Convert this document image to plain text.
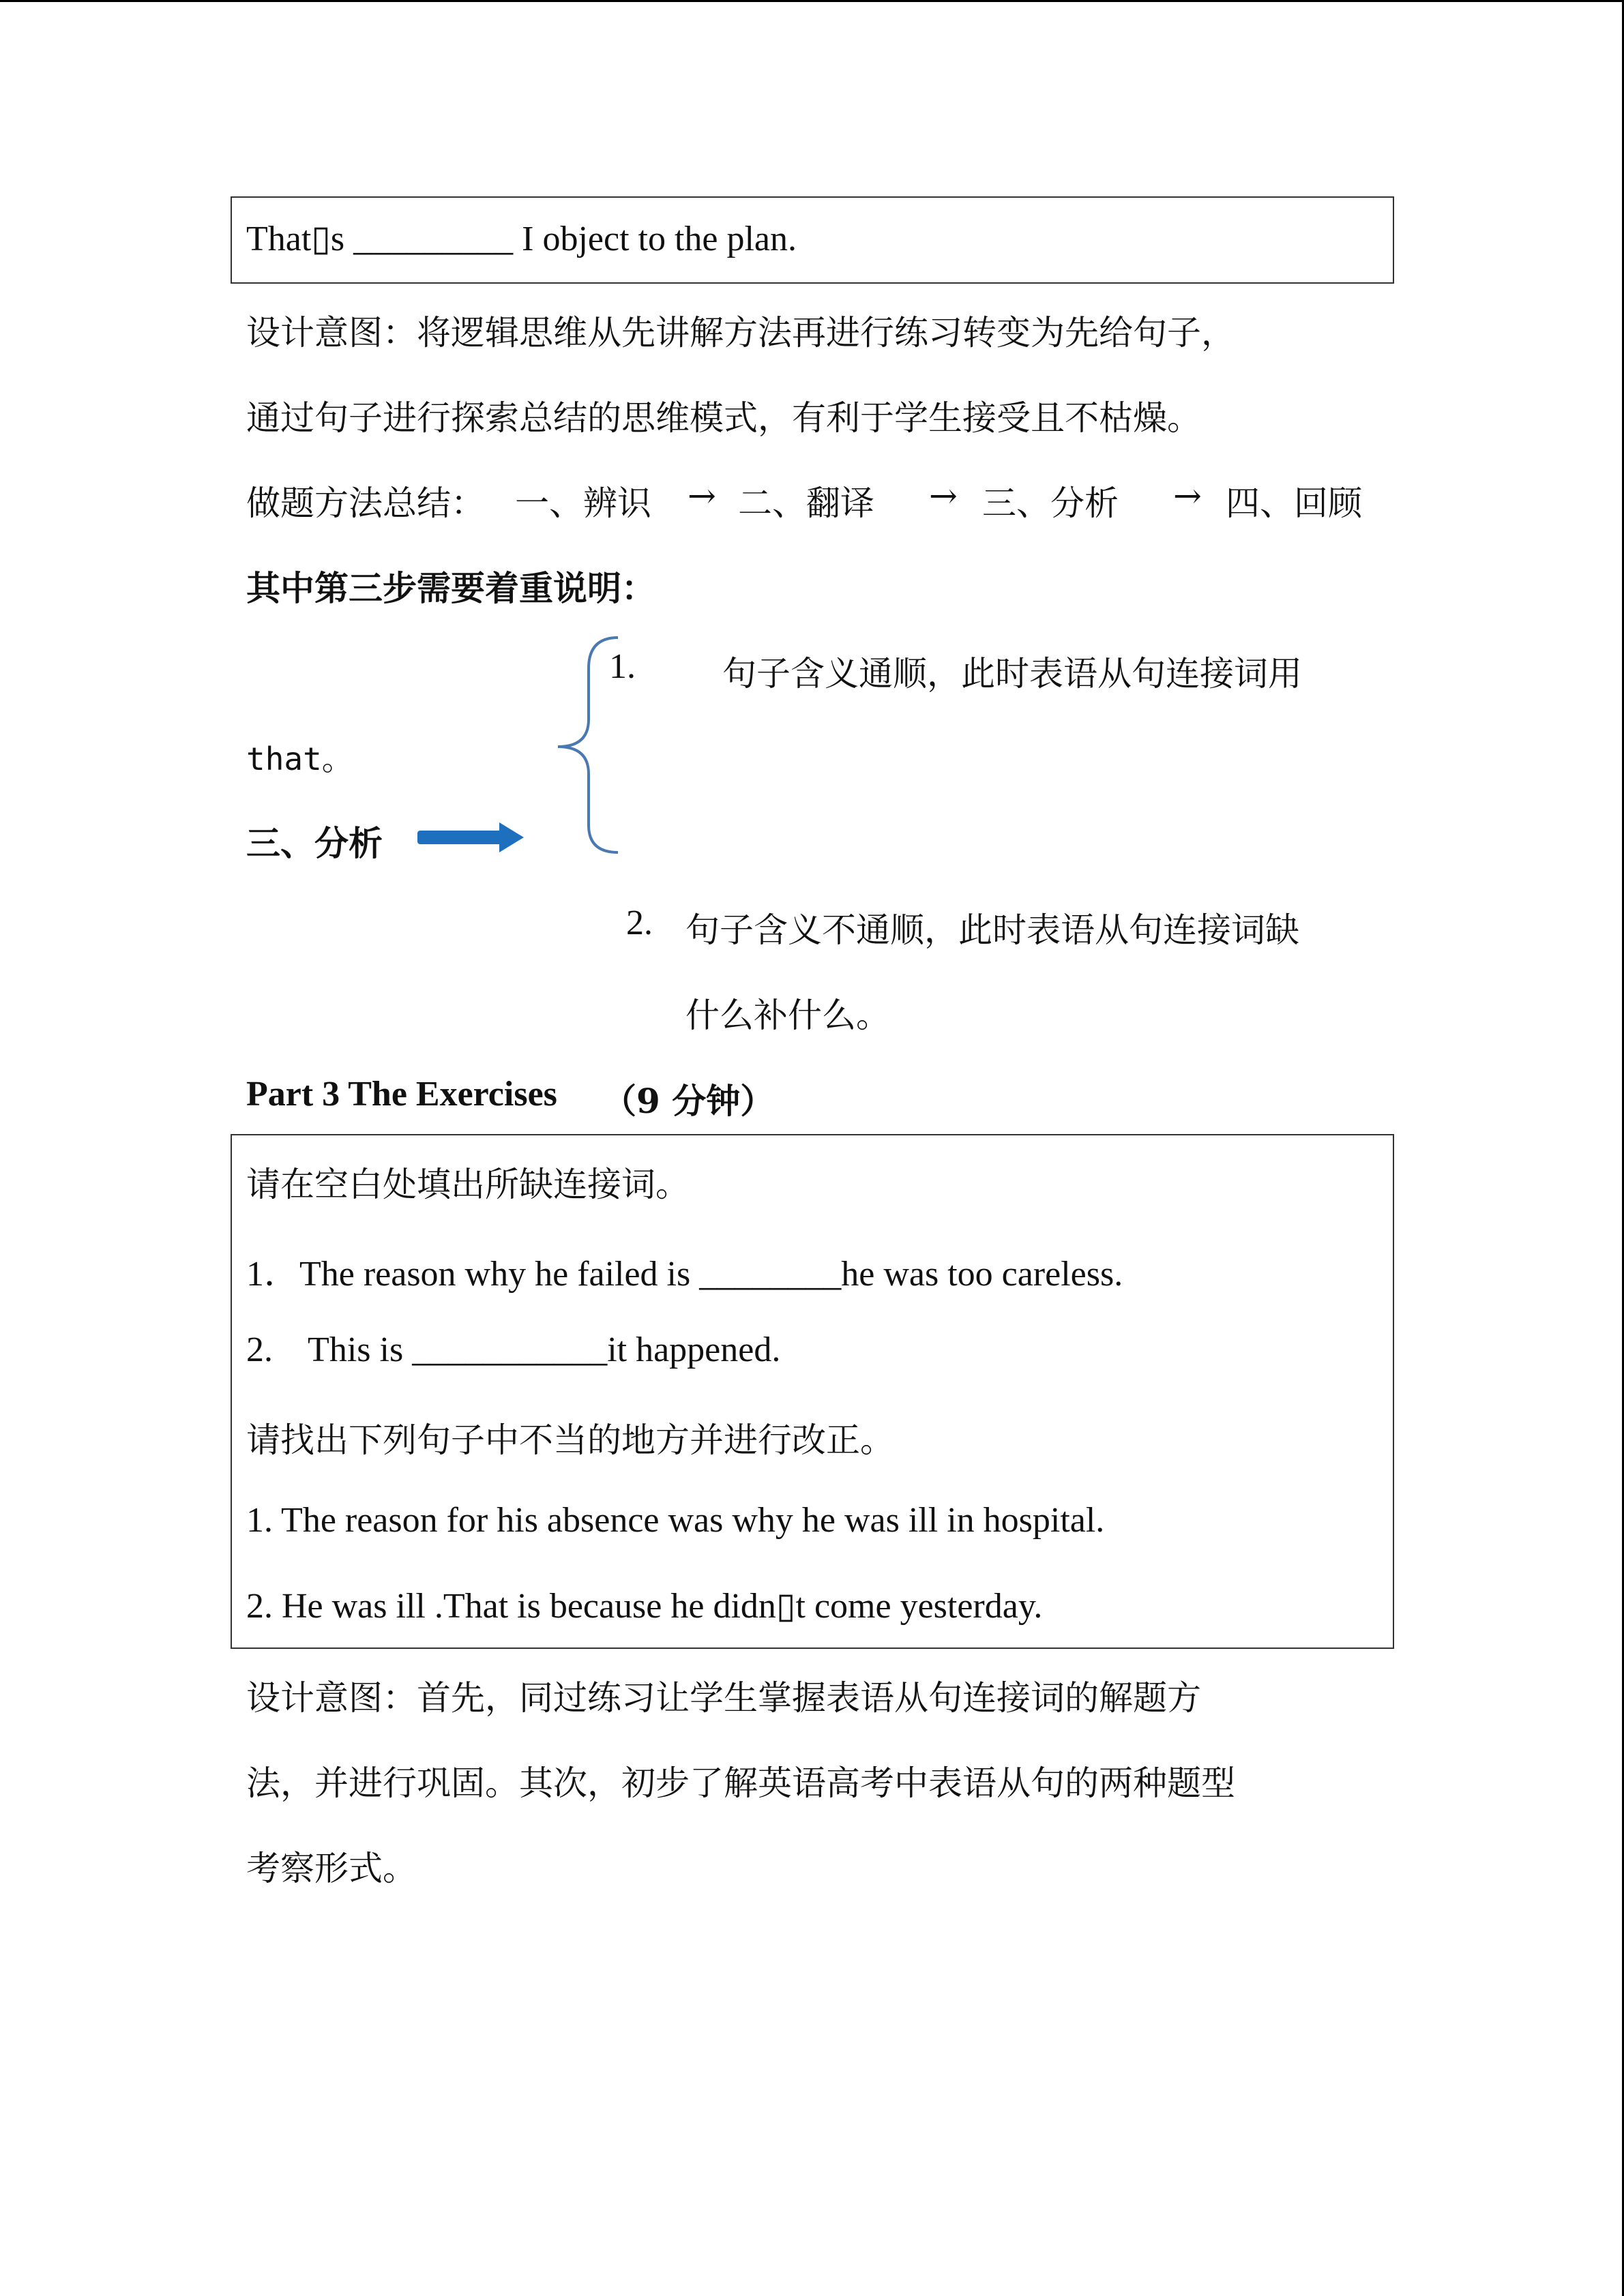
That▯s _________ I object to the plan.
设计意图：将逻辑思维从先讲解方法再进行练习转变为先给句子，
通过句子进行探索总结的思维模式，有利于学生接受且不枯燥。
做题方法总结： 一、辨识 → 二、翻译 → 三、分析 → 四、回顾
其中第三步需要着重说明：
1.	句子含义通顺，此时表语从句连接词用
that。
三、分析
2. 句子含义不通顺，此时表语从句连接词缺
什么补什么。
Part 3 The Exercises （9 分钟）
请在空白处填出所缺连接词。
1．The reason why he failed is ________he was too careless.
2.    This is ___________it happened.
请找出下列句子中不当的地方并进行改正。
1. The reason for his absence was why he was ill in hospital.
2. He was ill .That is because he didn▯t come yesterday.
设计意图：首先，同过练习让学生掌握表语从句连接词的解题方
法，并进行巩固。其次，初步了解英语高考中表语从句的两种题型
考察形式。
